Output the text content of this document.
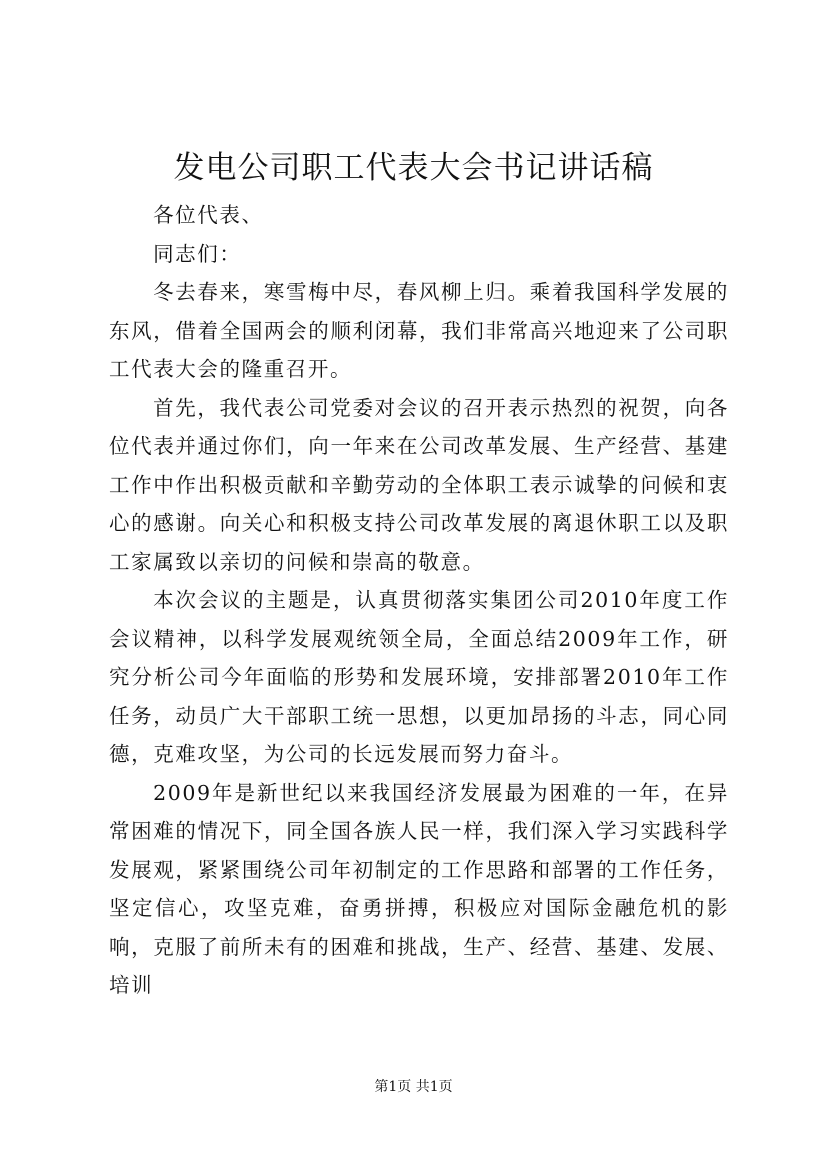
发电公司职工代表大会书记讲话稿

各位代表、

同志们：

冬去春来，寒雪梅中尽，春风柳上归。乘着我国科学发展的东风，借着全国两会的顺利闭幕，我们非常高兴地迎来了公司职工代表大会的隆重召开。

首先，我代表公司党委对会议的召开表示热烈的祝贺，向各位代表并通过你们，向一年来在公司改革发展、生产经营、基建工作中作出积极贡献和辛勤劳动的全体职工表示诚挚的问候和衷心的感谢。向关心和积极支持公司改革发展的离退休职工以及职工家属致以亲切的问候和崇高的敬意。

本次会议的主题是，认真贯彻落实集团公司2010年度工作会议精神，以科学发展观统领全局，全面总结2009年工作，研究分析公司今年面临的形势和发展环境，安排部署2010年工作任务，动员广大干部职工统一思想，以更加昂扬的斗志，同心同德，克难攻坚，为公司的长远发展而努力奋斗。

2009年是新世纪以来我国经济发展最为困难的一年，在异常困难的情况下，同全国各族人民一样，我们深入学习实践科学发展观，紧紧围绕公司年初制定的工作思路和部署的工作任务，坚定信心，攻坚克难，奋勇拼搏，积极应对国际金融危机的影响，克服了前所未有的困难和挑战，生产、经营、基建、发展、培训

第1页 共1页
